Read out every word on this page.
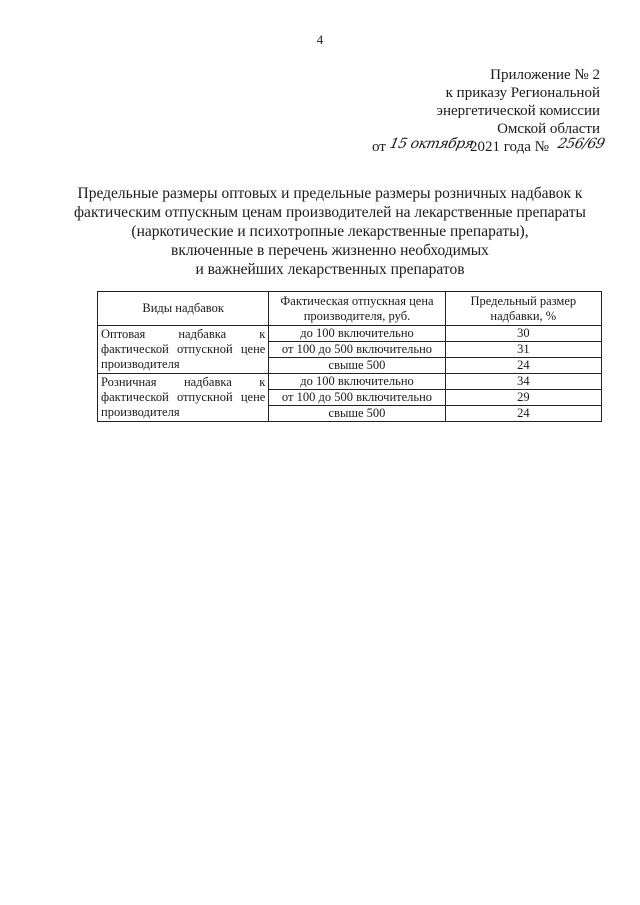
4
Приложение № 2
к приказу Региональной
энергетической комиссии
Омской области
от 15 октября
2021 года № 256/69
Предельные размеры оптовых и предельные размеры розничных надбавок к
фактическим отпускным ценам производителей на лекарственные препараты
(наркотические и психотропные лекарственные препараты),
включенные в перечень жизненно необходимых
и важнейших лекарственных препаратов
Виды надбавок	Фактическая отпускная цена производителя, руб.	Предельный размер надбавки, %
Оптовая надбавка к фактической отпускной цене производителя	до 100 включительно	30
	от 100 до 500 включительно	31
	свыше 500	24
Розничная надбавка к фактической отпускной цене производителя	до 100 включительно	34
	от 100 до 500 включительно	29
	свыше 500	24
